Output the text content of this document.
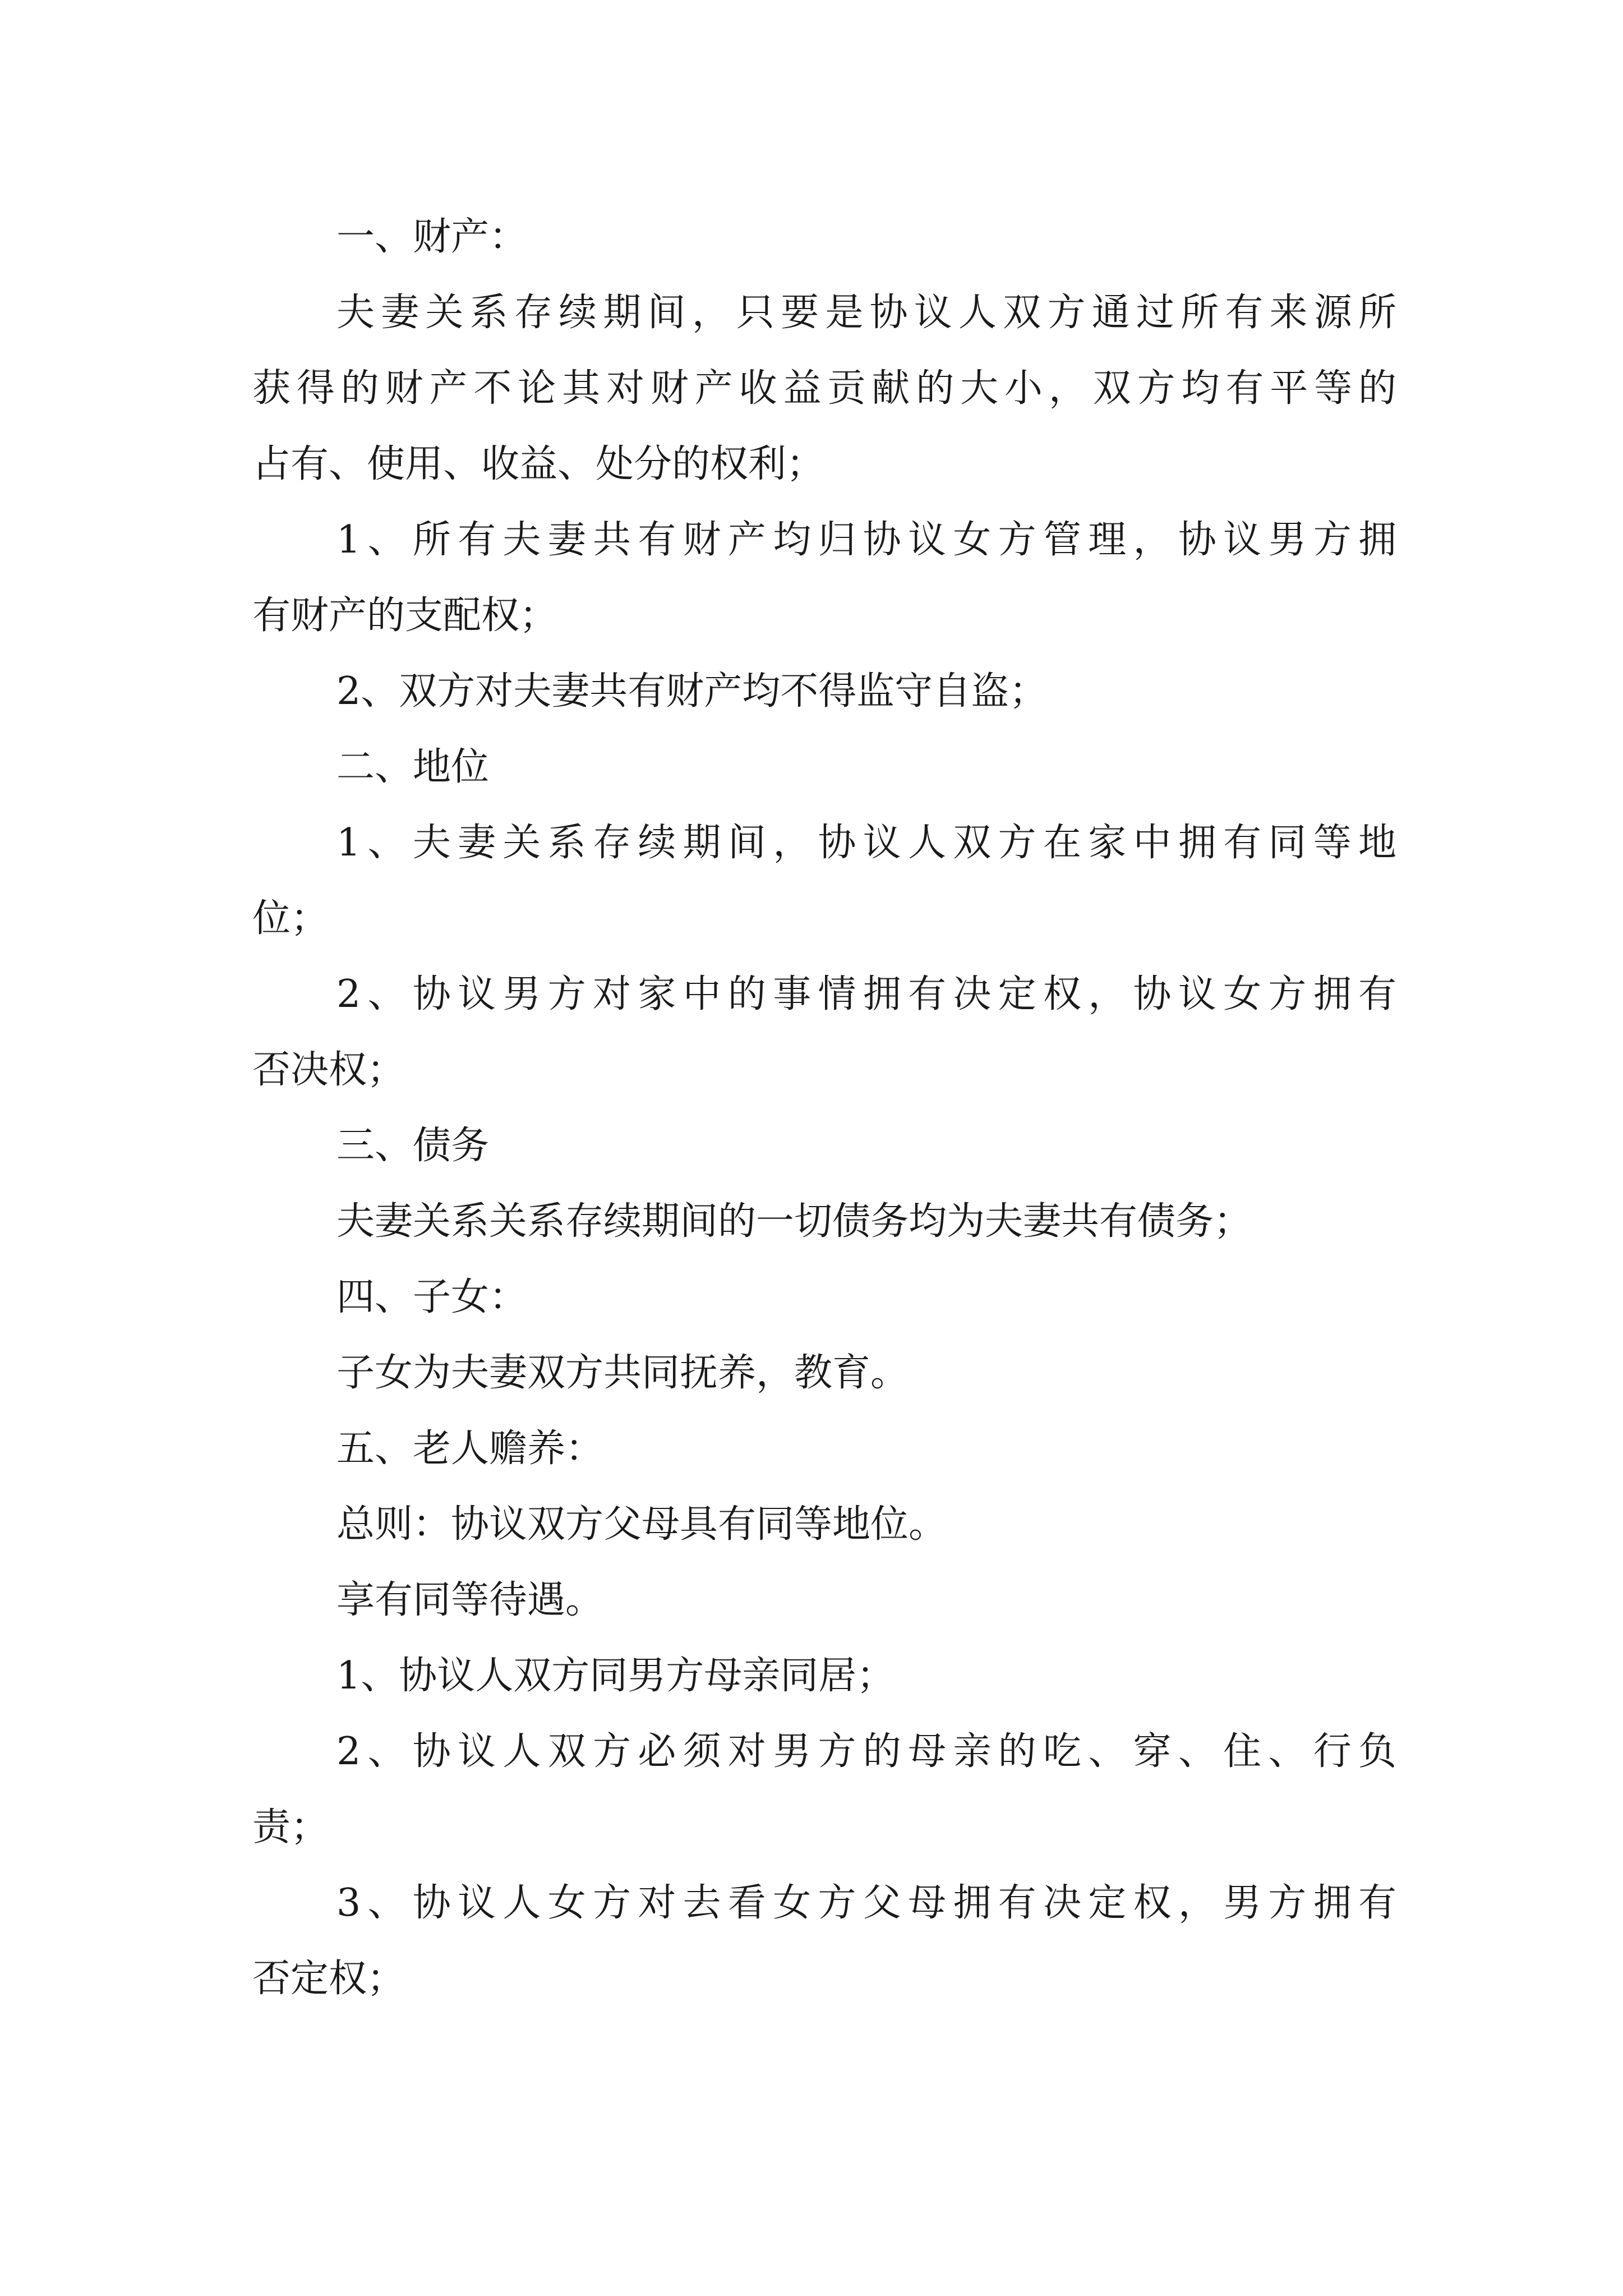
一、财产：
夫妻关系存续期间，只要是协议人双方通过所有来源所
获得的财产不论其对财产收益贡献的大小，双方均有平等的
占有、使用、收益、处分的权利；
1、所有夫妻共有财产均归协议女方管理，协议男方拥
有财产的支配权；
2、双方对夫妻共有财产均不得监守自盗；
二、地位
1、夫妻关系存续期间，协议人双方在家中拥有同等地
位；
2、协议男方对家中的事情拥有决定权，协议女方拥有
否决权；
三、债务
夫妻关系关系存续期间的一切债务均为夫妻共有债务；
四、子女：
子女为夫妻双方共同抚养，教育。
五、老人赡养：
总则：协议双方父母具有同等地位。
享有同等待遇。
1、协议人双方同男方母亲同居；
2、协议人双方必须对男方的母亲的吃、穿、住、行负
责；
3、协议人女方对去看女方父母拥有决定权，男方拥有
否定权；
